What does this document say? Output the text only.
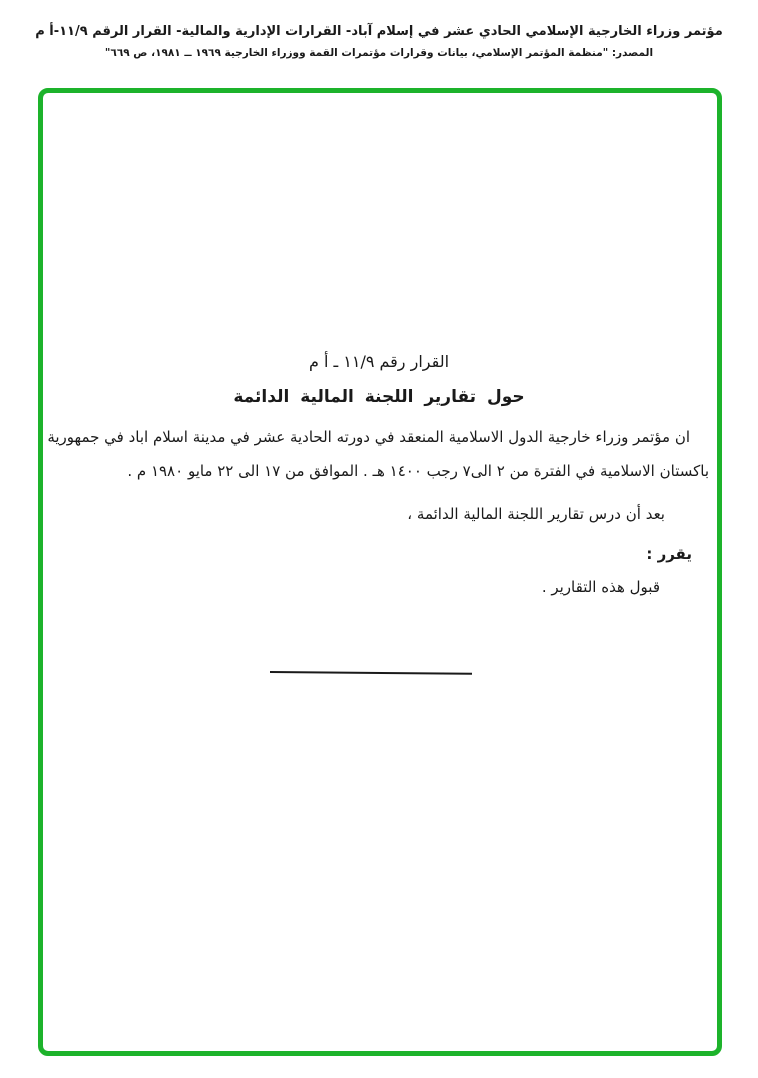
مؤتمر وزراء الخارجية الإسلامي الحادي عشر في إسلام آباد- القرارات الإدارية والمالية- القرار الرقم ١١/٩-أ م
المصدر: "منظمة المؤتمر الإسلامي، بيانات وقرارات مؤتمرات القمة ووزراء الخارجية ١٩٦٩ ــ ١٩٨١، ص ٦٦٩"
القرار رقم ١١/٩ ـ أ م
حول تقارير اللجنة المالية الدائمة
ان مؤتمر وزراء خارجية الدول الاسلامية المنعقد في دورته الحادية عشر في مدينة اسلام اباد في جمهورية
باكستان الاسلامية في الفترة من ٢ الى٧ رجب ١٤٠٠ هـ . الموافق من ١٧ الى ٢٢ مايو ١٩٨٠ م .
بعد أن درس تقارير اللجنة المالية الدائمة ،
يقرر :
قبول هذه التقارير .
